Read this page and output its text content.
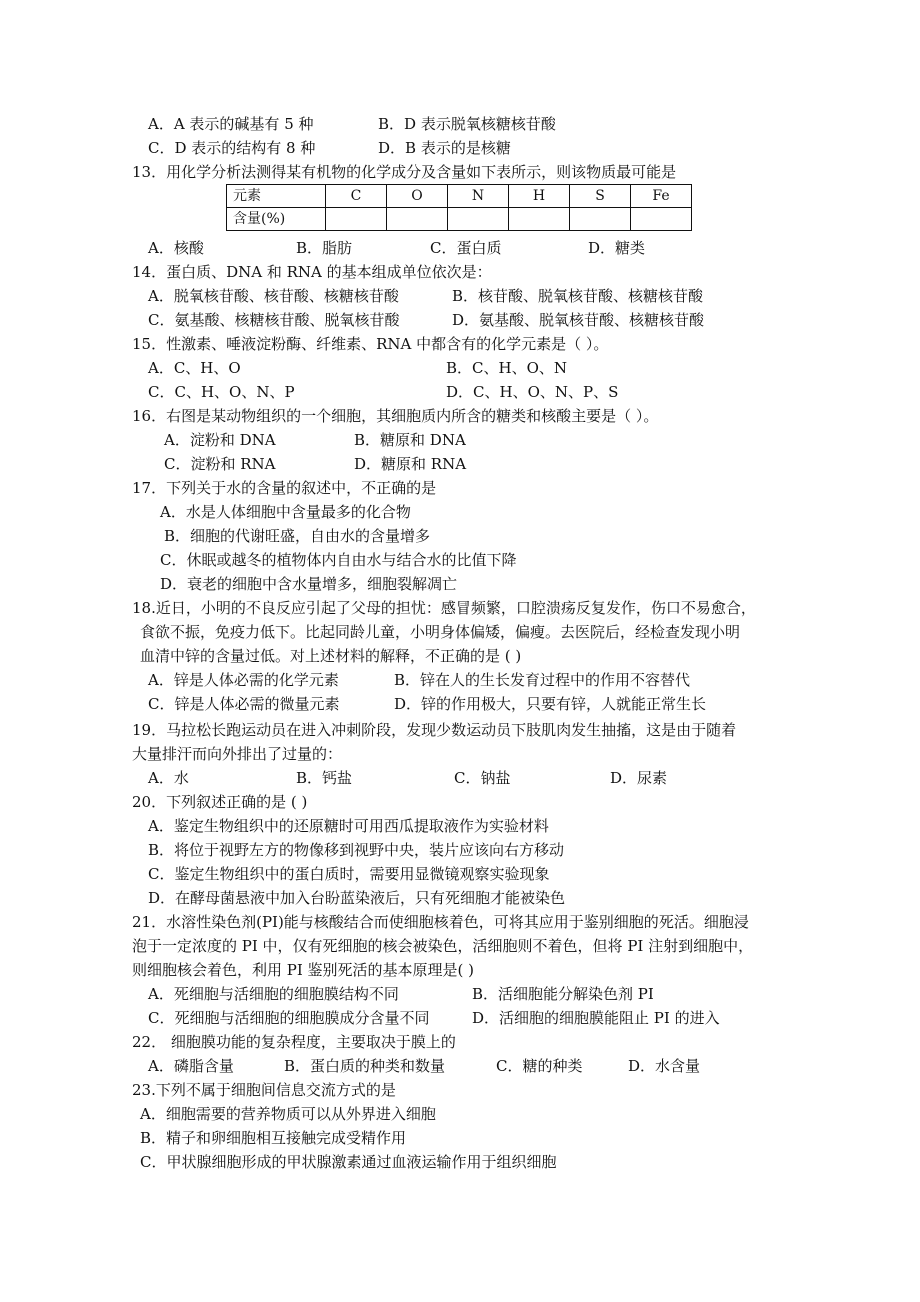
A．A 表示的碱基有 5 种	B．D 表示脱氧核糖核苷酸
C．D 表示的结构有 8 种	D．B 表示的是核糖
13．用化学分析法测得某有机物的化学成分及含量如下表所示，则该物质最可能是
元素	C	O	N	H	S	Fe
含量(%)						
A．核酸	B．脂肪	C．蛋白质	D．糖类
14．蛋白质、DNA 和 RNA 的基本组成单位依次是：
A．脱氧核苷酸、核苷酸、核糖核苷酸	B．核苷酸、脱氧核苷酸、核糖核苷酸
C．氨基酸、核糖核苷酸、脱氧核苷酸	D．氨基酸、脱氧核苷酸、核糖核苷酸
15．性激素、唾液淀粉酶、纤维素、RNA 中都含有的化学元素是（ ）。
A．C、H、O	B．C、H、O、N
C．C、H、O、N、P	D．C、H、O、N、P、S
16．右图是某动物组织的一个细胞，其细胞质内所含的糖类和核酸主要是（ ）。
A．淀粉和 DNA	B．糖原和 DNA
C．淀粉和 RNA	D．糖原和 RNA
17．下列关于水的含量的叙述中，不正确的是
A．水是人体细胞中含量最多的化合物
B．细胞的代谢旺盛，自由水的含量增多
C．休眠或越冬的植物体内自由水与结合水的比值下降
D．衰老的细胞中含水量增多，细胞裂解凋亡
18.近日，小明的不良反应引起了父母的担忧：感冒频繁，口腔溃疡反复发作，伤口不易愈合，
食欲不振，免疫力低下。比起同龄儿童，小明身体偏矮，偏瘦。去医院后，经检查发现小明
血清中锌的含量过低。对上述材料的解释，不正确的是 ( )
A．锌是人体必需的化学元素	B．锌在人的生长发育过程中的作用不容替代
C．锌是人体必需的微量元素	D．锌的作用极大，只要有锌，人就能正常生长
19．马拉松长跑运动员在进入冲刺阶段，发现少数运动员下肢肌肉发生抽搐，这是由于随着
大量排汗而向外排出了过量的：
A．水	B．钙盐	C．钠盐	D．尿素
20．下列叙述正确的是 ( )
A．鉴定生物组织中的还原糖时可用西瓜提取液作为实验材料
B．将位于视野左方的物像移到视野中央，装片应该向右方移动
C．鉴定生物组织中的蛋白质时，需要用显微镜观察实验现象
D．在酵母菌悬液中加入台盼蓝染液后，只有死细胞才能被染色
21．水溶性染色剂(PI)能与核酸结合而使细胞核着色，可将其应用于鉴别细胞的死活。细胞浸
泡于一定浓度的 PI 中，仅有死细胞的核会被染色，活细胞则不着色，但将 PI 注射到细胞中，
则细胞核会着色，利用 PI 鉴别死活的基本原理是( )
A．死细胞与活细胞的细胞膜结构不同	B．活细胞能分解染色剂 PI
C．死细胞与活细胞的细胞膜成分含量不同	D．活细胞的细胞膜能阻止 PI 的进入
22． 细胞膜功能的复杂程度，主要取决于膜上的
A．磷脂含量	B．蛋白质的种类和数量	C．糖的种类	D．水含量
23.下列不属于细胞间信息交流方式的是
A．细胞需要的营养物质可以从外界进入细胞
B．精子和卵细胞相互接触完成受精作用
C．甲状腺细胞形成的甲状腺激素通过血液运输作用于组织细胞
